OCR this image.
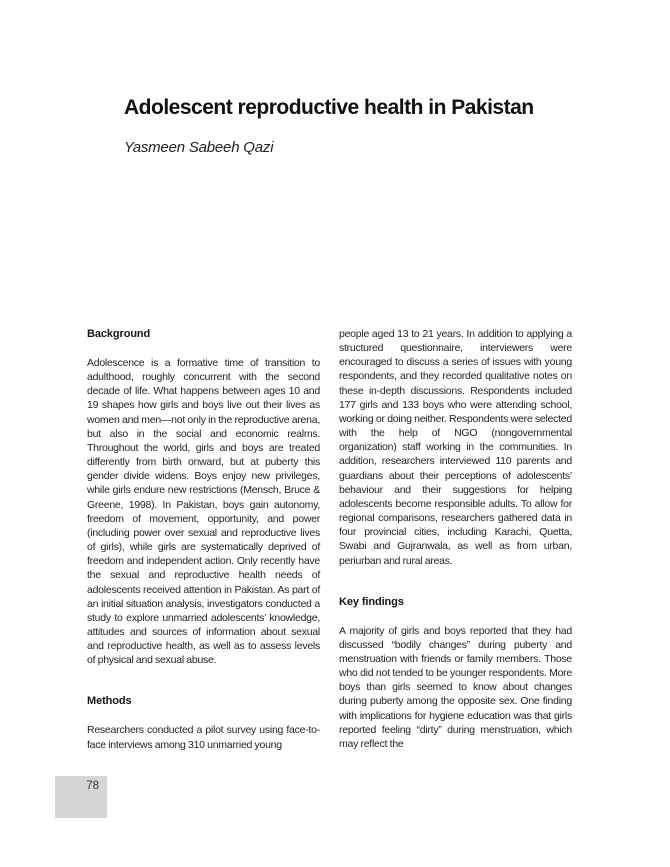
Adolescent reproductive health in Pakistan
Yasmeen Sabeeh Qazi
Background

Adolescence is a formative time of transition to adulthood, roughly concurrent with the second decade of life. What happens between ages 10 and 19 shapes how girls and boys live out their lives as women and men—not only in the reproductive arena, but also in the social and economic realms. Throughout the world, girls and boys are treated differently from birth onward, but at puberty this gender divide widens. Boys enjoy new privileges, while girls endure new restrictions (Mensch, Bruce & Greene, 1998). In Pakistan, boys gain autonomy, freedom of movement, opportunity, and power (including power over sexual and reproductive lives of girls), while girls are systematically deprived of freedom and independent action. Only recently have the sexual and reproductive health needs of adolescents received attention in Pakistan. As part of an initial situation analysis, investigators conducted a study to explore unmarried adolescents’ knowledge, attitudes and sources of information about sexual and reproductive health, as well as to assess levels of physical and sexual abuse.

Methods

Researchers conducted a pilot survey using face-to-face interviews among 310 unmarried young

people aged 13 to 21 years. In addition to applying a structured questionnaire, interviewers were encouraged to discuss a series of issues with young respondents, and they recorded qualitative notes on these in-depth discussions. Respondents included 177 girls and 133 boys who were attending school, working or doing neither. Respondents were selected with the help of NGO (nongovernmental organization) staff working in the communities. In addition, researchers interviewed 110 parents and guardians about their perceptions of adolescents’ behaviour and their suggestions for helping adolescents become responsible adults. To allow for regional comparisons, researchers gathered data in four provincial cities, including Karachi, Quetta, Swabi and Gujranwala, as well as from urban, periurban and rural areas.

Key findings

A majority of girls and boys reported that they had discussed “bodily changes” during puberty and menstruation with friends or family members. Those who did not tended to be younger respondents. More boys than girls seemed to know about changes during puberty among the opposite sex. One finding with implications for hygiene education was that girls reported feeling “dirty” during menstruation, which may reflect the

78
